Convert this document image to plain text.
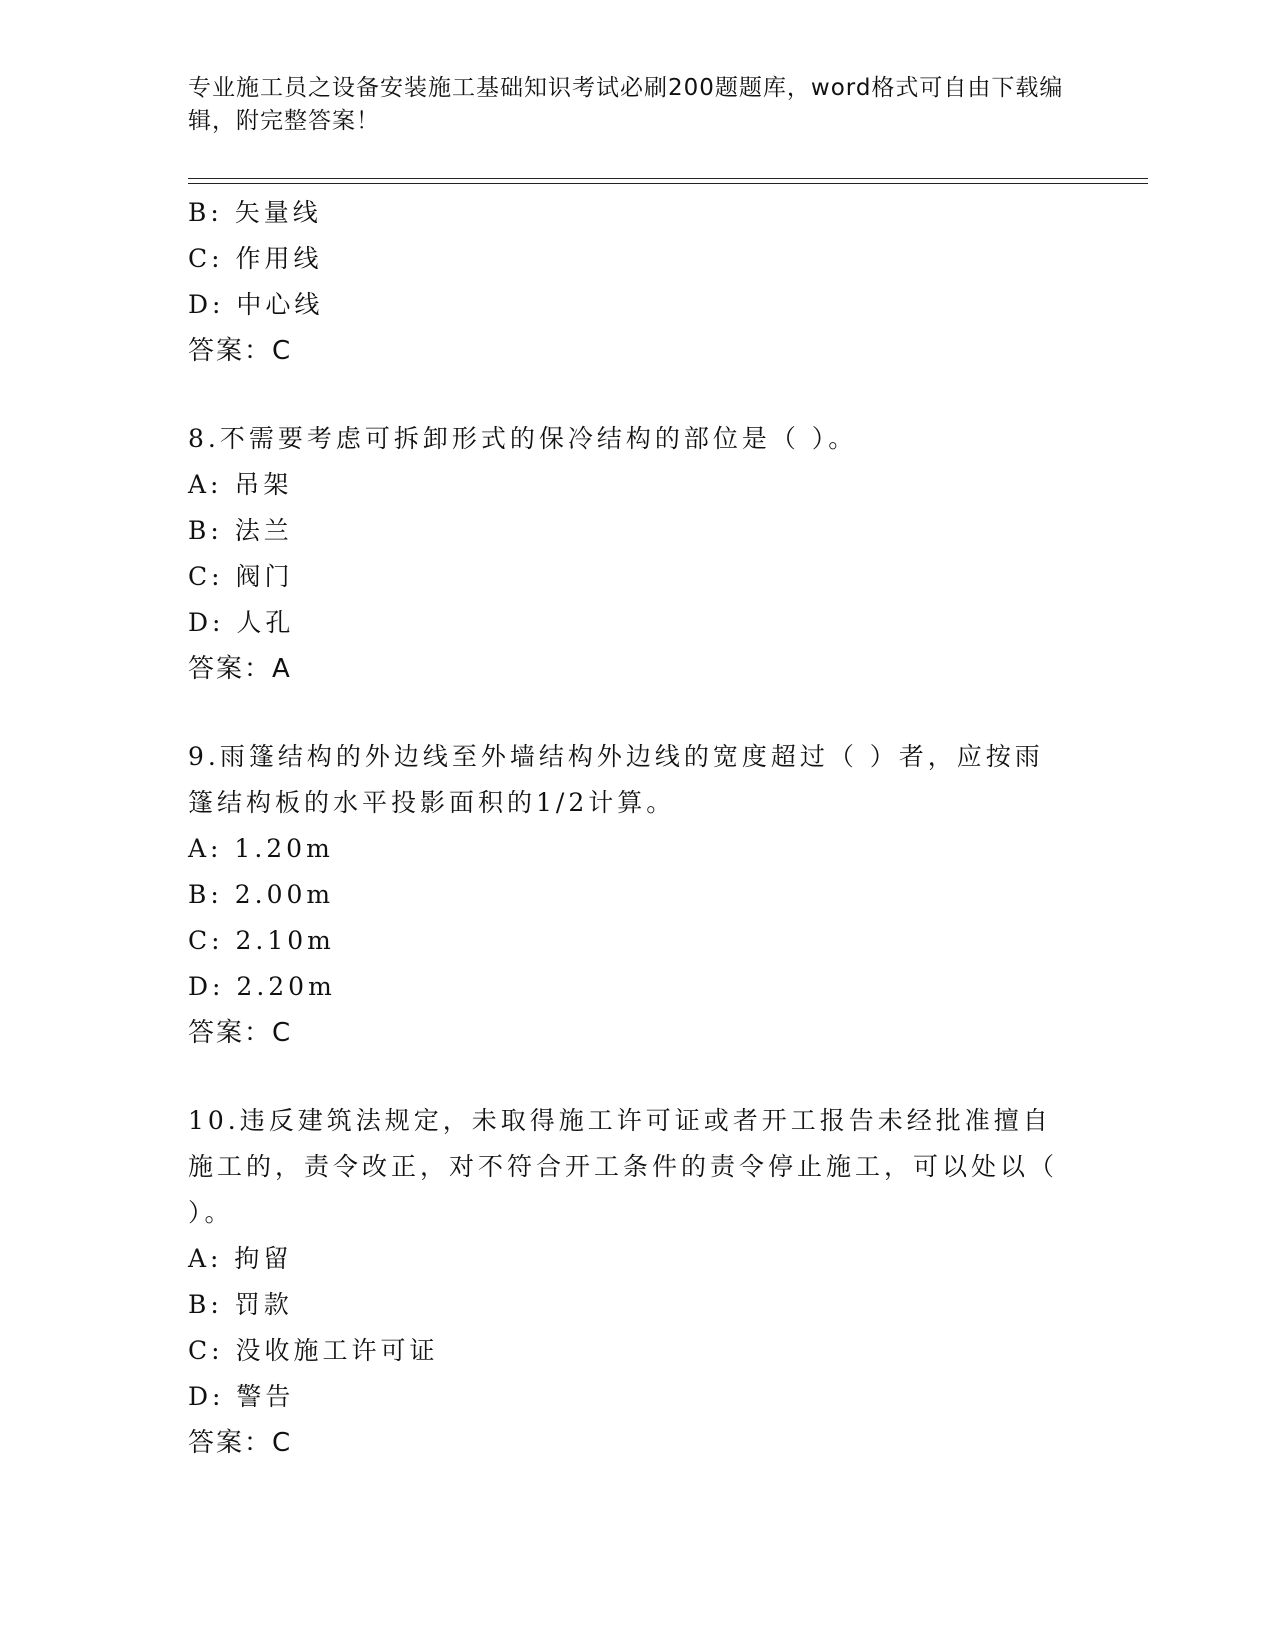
专业施工员之设备安装施工基础知识考试必刷200题题库，word格式可自由下载编辑，附完整答案！
B: 矢量线
C: 作用线
D: 中心线
答案：C
8.不需要考虑可拆卸形式的保冷结构的部位是（ ）。
A: 吊架
B: 法兰
C: 阀门
D: 人孔
答案：A
9.雨篷结构的外边线至外墙结构外边线的宽度超过（ ）者，应按雨篷结构板的水平投影面积的1/2计算。
A: 1.20m
B: 2.00m
C: 2.10m
D: 2.20m
答案：C
10.违反建筑法规定，未取得施工许可证或者开工报告未经批准擅自施工的，责令改正，对不符合开工条件的责令停止施工，可以处以（ ）。
A: 拘留
B: 罚款
C: 没收施工许可证
D: 警告
答案：C
